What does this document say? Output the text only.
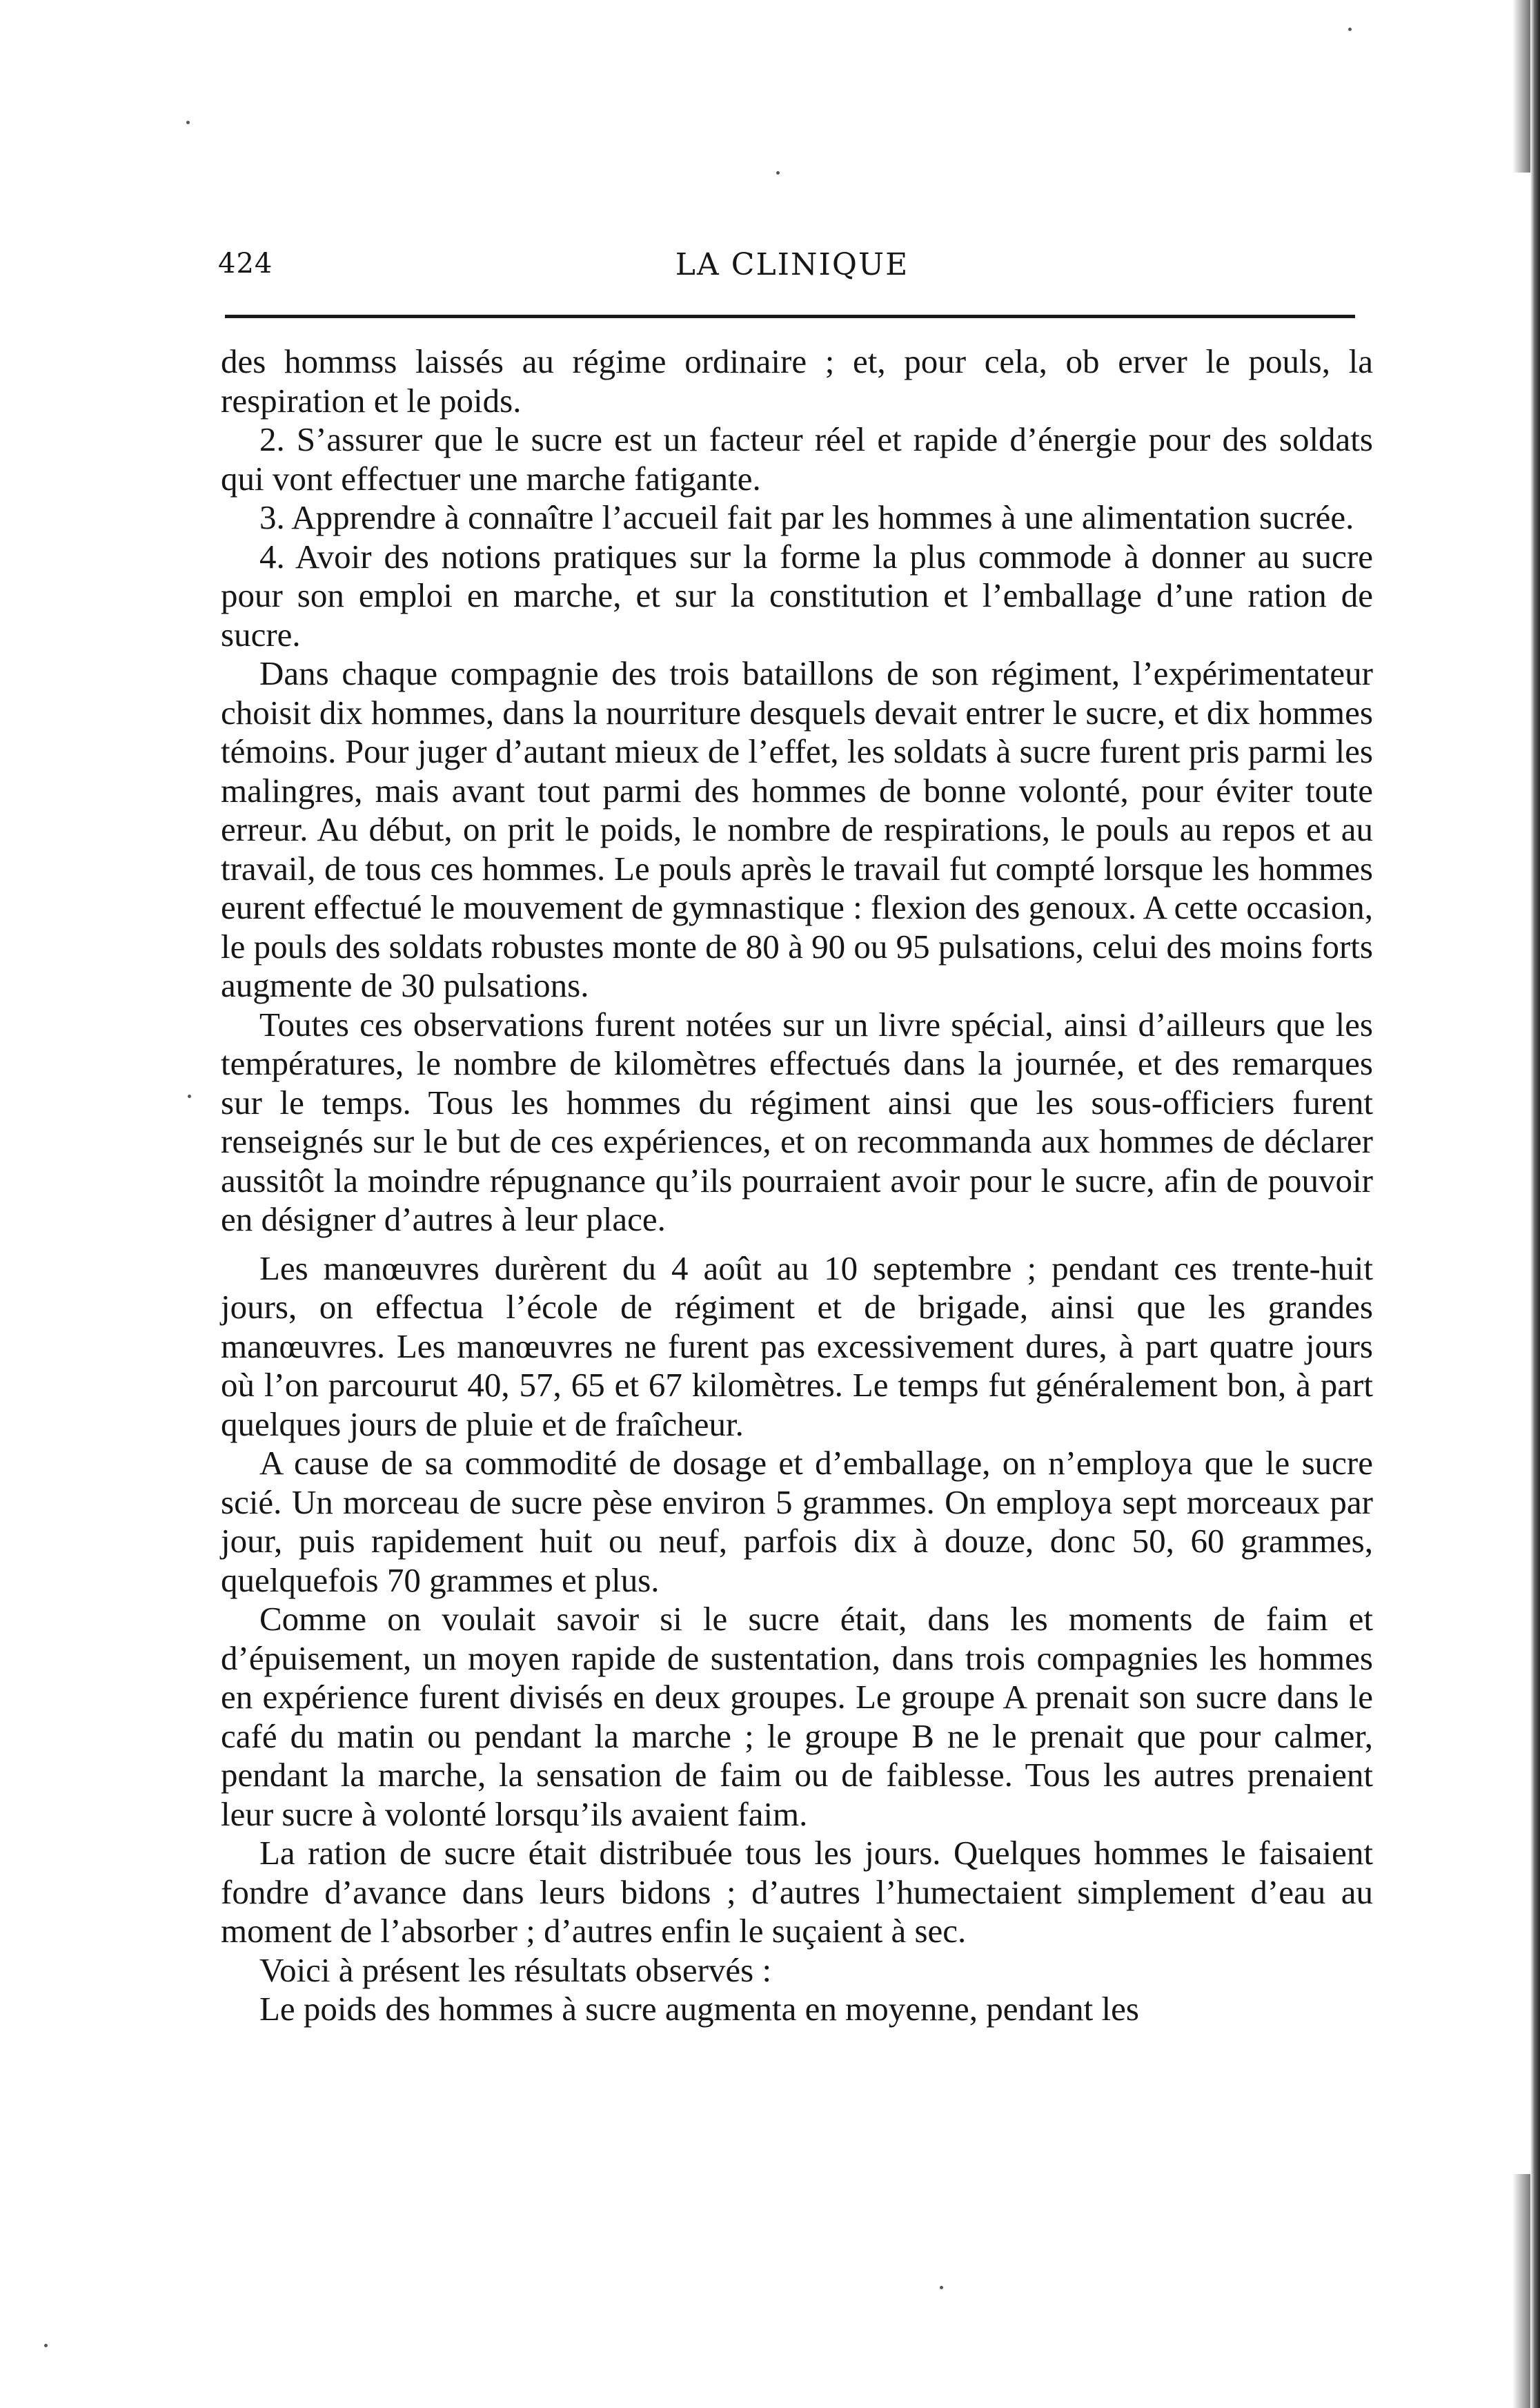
424	LA CLINIQUE

des hommss laissés au régime ordinaire ; et, pour cela, ob erver le pouls, la respiration et le poids.

2. S’assurer que le sucre est un facteur réel et rapide d’énergie pour des soldats qui vont effectuer une marche fatigante.

3. Apprendre à connaître l’accueil fait par les hommes à une alimentation sucrée.

4. Avoir des notions pratiques sur la forme la plus commode à donner au sucre pour son emploi en marche, et sur la constitution et l’emballage d’une ration de sucre.

Dans chaque compagnie des trois bataillons de son régiment, l’expérimentateur choisit dix hommes, dans la nourriture desquels devait entrer le sucre, et dix hommes témoins. Pour juger d’autant mieux de l’effet, les soldats à sucre furent pris parmi les malingres, mais avant tout parmi des hommes de bonne volonté, pour éviter toute erreur. Au début, on prit le poids, le nombre de respirations, le pouls au repos et au travail, de tous ces hommes. Le pouls après le travail fut compté lorsque les hommes eurent effectué le mouvement de gymnastique : flexion des genoux. A cette occasion, le pouls des soldats robustes monte de 80 à 90 ou 95 pulsations, celui des moins forts augmente de 30 pulsations.

Toutes ces observations furent notées sur un livre spécial, ainsi d’ailleurs que les températures, le nombre de kilomètres effectués dans la journée, et des remarques sur le temps. Tous les hommes du régiment ainsi que les sous-officiers furent renseignés sur le but de ces expériences, et on recommanda aux hommes de déclarer aussitôt la moindre répugnance qu’ils pourraient avoir pour le sucre, afin de pouvoir en désigner d’autres à leur place.

Les manœuvres durèrent du 4 août au 10 septembre ; pendant ces trente-huit jours, on effectua l’école de régiment et de brigade, ainsi que les grandes manœuvres. Les manœuvres ne furent pas excessivement dures, à part quatre jours où l’on parcourut 40, 57, 65 et 67 kilomètres. Le temps fut généralement bon, à part quelques jours de pluie et de fraîcheur.

A cause de sa commodité de dosage et d’emballage, on n’employa que le sucre scié. Un morceau de sucre pèse environ 5 grammes. On employa sept morceaux par jour, puis rapidement huit ou neuf, parfois dix à douze, donc 50, 60 grammes, quelquefois 70 grammes et plus.

Comme on voulait savoir si le sucre était, dans les moments de faim et d’épuisement, un moyen rapide de sustentation, dans trois compagnies les hommes en expérience furent divisés en deux groupes. Le groupe A prenait son sucre dans le café du matin ou pendant la marche ; le groupe B ne le prenait que pour calmer, pendant la marche, la sensation de faim ou de faiblesse. Tous les autres prenaient leur sucre à volonté lorsqu’ils avaient faim.

La ration de sucre était distribuée tous les jours. Quelques hommes le faisaient fondre d’avance dans leurs bidons ; d’autres l’humectaient simplement d’eau au moment de l’absorber ; d’autres enfin le suçaient à sec.

Voici à présent les résultats observés :

Le poids des hommes à sucre augmenta en moyenne, pendant les
